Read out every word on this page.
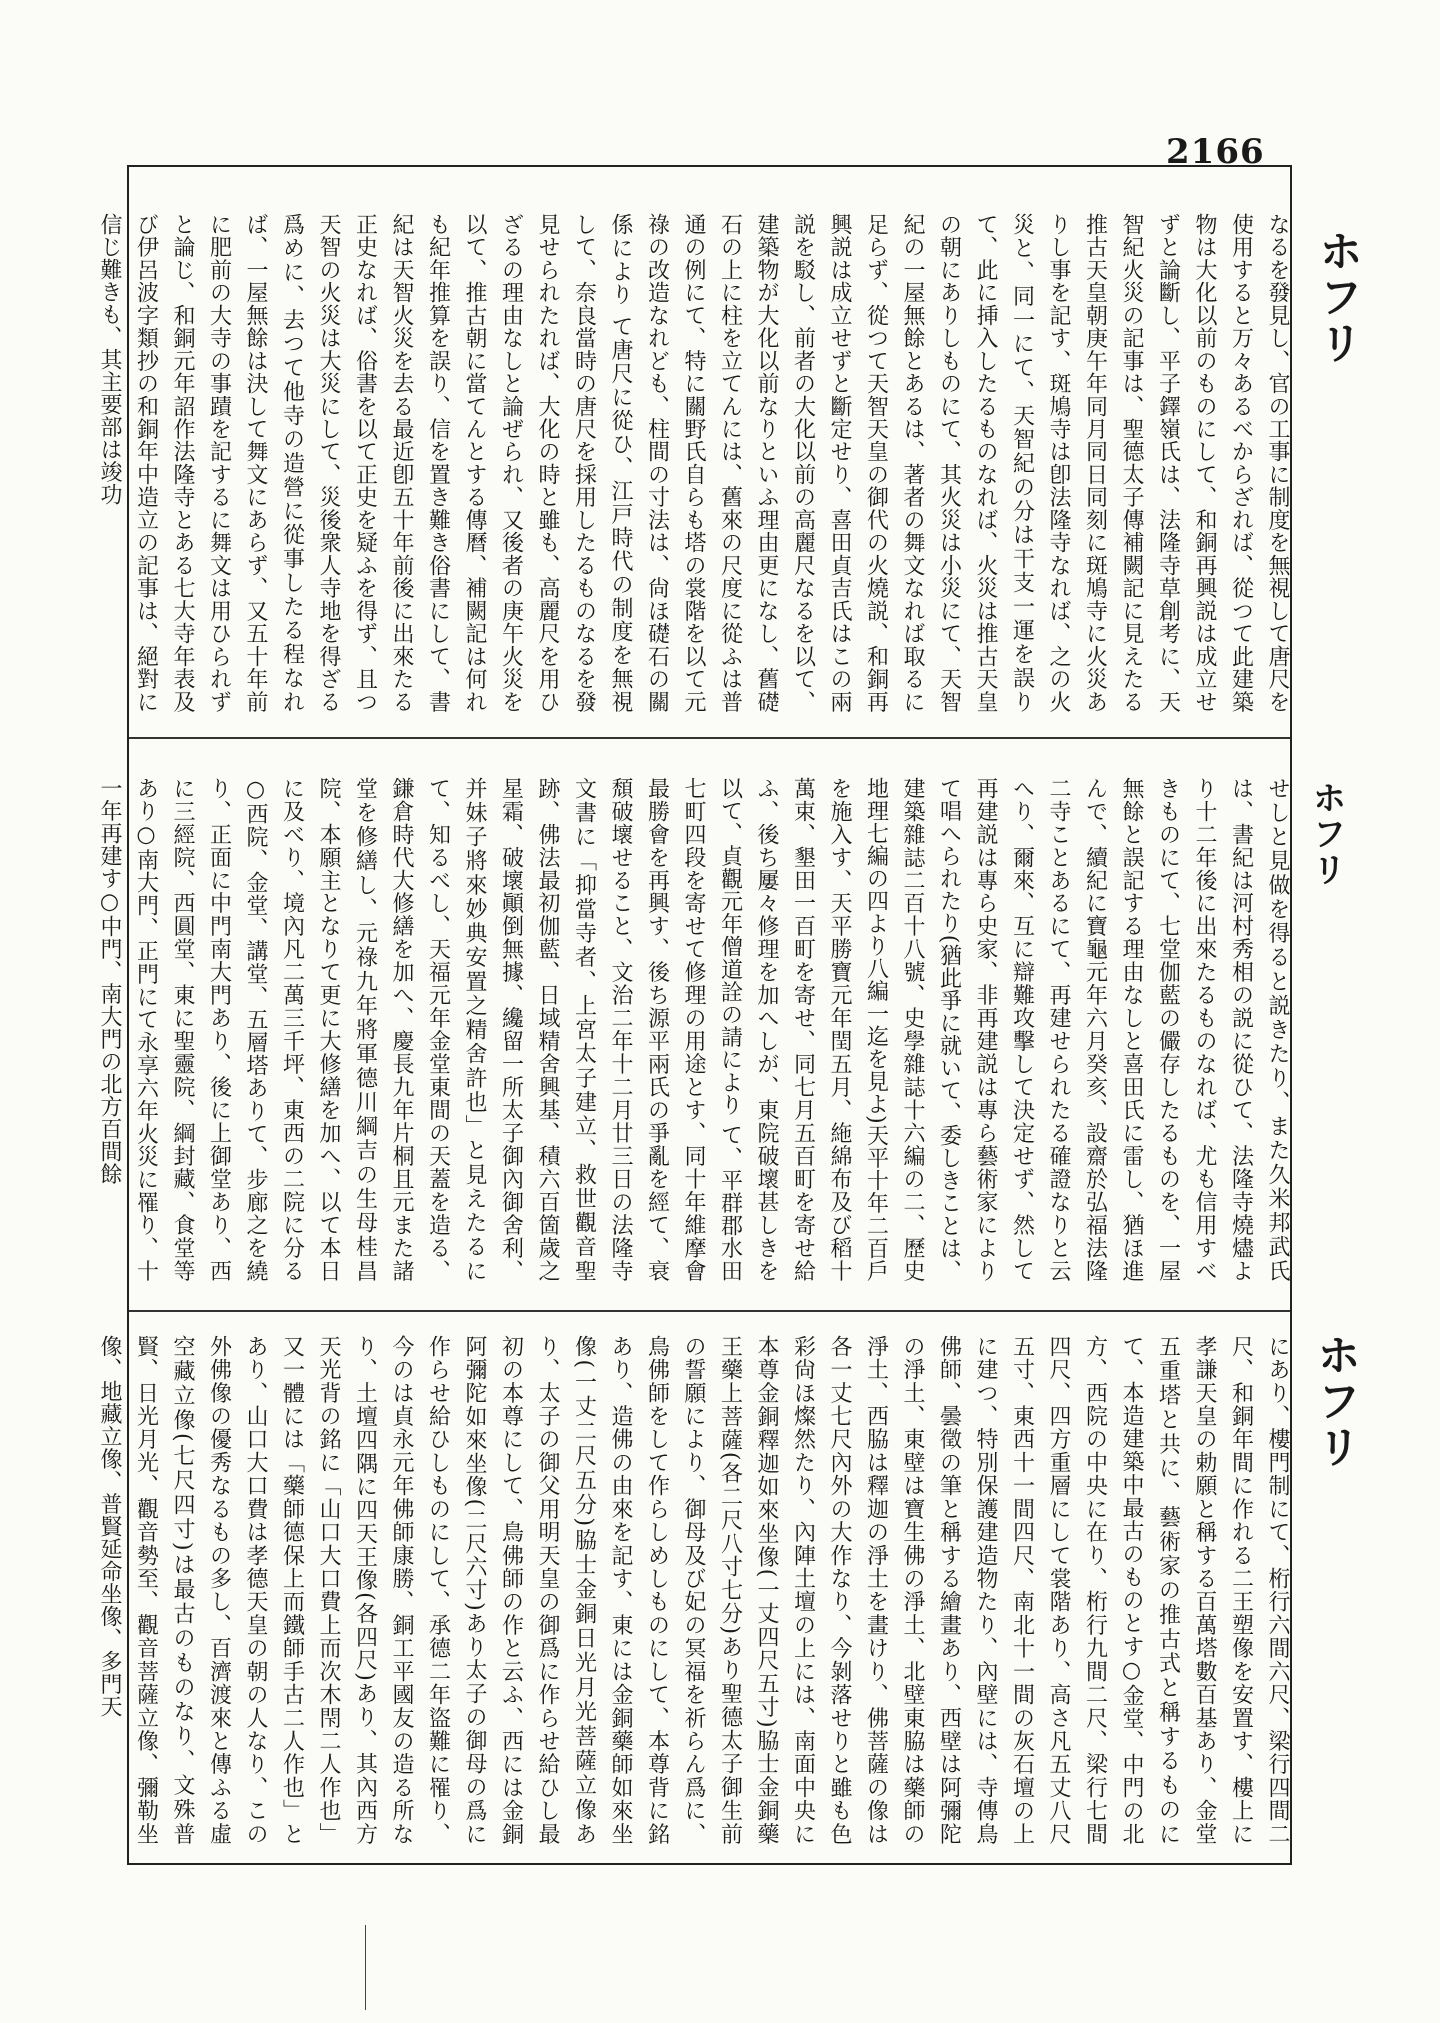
2166

なるを發見し、官の工事に制度を無視して唐尺を使用すると万々あるべからざれば、從つて此建築物は大化以前のものにして、和銅再興説は成立せずと論斷し、平子鐸嶺氏は、法隆寺草創考に、天智紀火災の記事は、聖德太子傳補闕記に見えたる推古天皇朝庚午年同月同日同刻に斑鳩寺に火災ありし事を記す、斑鳩寺は卽法隆寺なれば、之の火災と、同一にて、天智紀の分は干支一運を誤りて、此に挿入したるものなれば、火災は推古天皇の朝にありしものにて、其火災は小災にて、天智紀の一屋無餘とあるは、著者の舞文なれば取るに足らず、從つて天智天皇の御代の火燒説、和銅再興説は成立せずと斷定せり、喜田貞吉氏はこの兩説を駁し、前者の大化以前の高麗尺なるを以て、建築物が大化以前なりといふ理由更になし、舊礎石の上に柱を立てんには、舊來の尺度に從ふは普通の例にて、特に關野氏自らも塔の裳階を以て元祿の改造なれども、柱間の寸法は、尙ほ礎石の關係により て唐尺に從ひ、江戸時代の制度を無視して、奈良當時の唐尺を採用したるものなるを發見せられたれば、大化の時と雖も、高麗尺を用ひざるの理由なしと論ぜられ、又後者の庚午火災を以て、推古朝に當てんとする傳曆、補闕記は何れも紀年推算を誤り、信を置き難き俗書にして、書紀は天智火災を去る最近卽五十年前後に出來たる正史なれば、俗書を以て正史を疑ふを得ず、且つ天智の火災は大災にして、災後衆人寺地を得ざる爲めに、去つて他寺の造營に從事したる程なれば、一屋無餘は決して舞文にあらず、又五十年前に肥前の大寺の事蹟を記するに舞文は用ひられずと論じ、和銅元年詔作法隆寺とある七大寺年表及び伊呂波字類抄の和銅年中造立の記事は、絕對に信じ難きも、其主要部は竣功

せしと見做を得ると説きたり、また久米邦武氏は、書紀は河村秀相の説に從ひて、法隆寺燒燼より十二年後に出來たるものなれば、尤も信用すべきものにて、七堂伽藍の儼存したるものを、一屋無餘と誤記する理由なしと喜田氏に雷し、猶ほ進んで、續紀に寶龜元年六月癸亥、設齋於弘福法隆二寺ことあるにて、再建せられたる確證なりと云へり、爾來、互に辯難攻擊して決定せず、然して再建説は專ら史家、非再建説は專ら藝術家によりて唱へられたり(猶此爭に就いて、委しきことは、建築雜誌二百十八號、史學雜誌十六編の二、歷史地理七編の四より八編一迄を見よ)天平十年二百戶を施入す、天平勝寶元年閏五月、絁綿布及び稻十萬束、墾田一百町を寄せ、同七月五百町を寄せ給ふ、後ち屢々修理を加へしが、東院破壞甚しきを以て、貞觀元年僧道詮の請により て、平群郡水田七町四段を寄せて修理の用途とす、同十年維摩會最勝會を再興す、後ち源平兩氏の爭亂を經て、衰頹破壞せること、文治二年十二月廿三日の法隆寺文書に「抑當寺者、上宮太子建立、救世觀音聖跡、佛法最初伽藍、日域精舍興基、積六百箇歲之星霜、破壞顚倒無據、纔留一所太子御內御舍利、并妹子將來妙典安置之精舍許也」と見えたるにて、知るべし、天福元年金堂東間の天蓋を造る、鎌倉時代大修繕を加へ、慶長九年片桐且元また諸堂を修繕し、元祿九年將軍德川綱吉の生母桂昌院、本願主となりて更に大修繕を加へ、以て本日に及べり、境內凡二萬三千坪、東西の二院に分る○西院、金堂、講堂、五層塔ありて、步廊之を繞り、正面に中門南大門あり、後に上御堂あり、西に三經院、西圓堂、東に聖靈院、綱封藏、食堂等あり○南大門、正門にて永享六年火災に罹り、十一年再建す○中門、南大門の北方百間餘

にあり、樓門制にて、桁行六間六尺、梁行四間二尺、和銅年間に作れる二王塑像を安置す、樓上に孝謙天皇の勅願と稱する百萬塔數百基あり、金堂五重塔と共に、藝術家の推古式と稱するものにて、本造建築中最古のものとす○金堂、中門の北方、西院の中央に在り、桁行九間二尺、梁行七間四尺、四方重層にして裳階あり、高さ凡五丈八尺五寸、東西十一間四尺、南北十一間の灰石壇の上に建つ、特別保護建造物たり、內壁には、寺傳鳥佛師、曇徵の筆と稱する繪畫あり、西壁は阿彌陀の淨土、東壁は寶生佛の淨土、北壁東脇は藥師の淨土、西脇は釋迦の淨土を畫けり、佛菩薩の像は各一丈七尺內外の大作なり、今剝落せりと雖も色彩尙ほ燦然たり、內陣土壇の上には、南面中央に本尊金銅釋迦如來坐像(一丈四尺五寸)脇士金銅藥王藥上菩薩(各二尺八寸七分)あり聖德太子御生前の誓願により、御母及び妃の冥福を祈らん爲に、鳥佛師をして作らしめしものにして、本尊背に銘あり、造佛の由來を記す、東には金銅藥師如來坐像(一丈二尺五分)脇士金銅日光月光菩薩立像あり、太子の御父用明天皇の御爲に作らせ給ひし最初の本尊にして、鳥佛師の作と云ふ、西には金銅阿彌陀如來坐像(二尺六寸)あり太子の御母の爲に作らせ給ひしものにして、承德二年盜難に罹り、今のは貞永元年佛師康勝、銅工平國友の造る所なり、土壇四隅に四天王像(各四尺)あり、其內西方天光背の銘に「山口大口費上而次木閇二人作也」又一體には「藥師德保上而鐵師手古二人作也」とあり、山口大口費は孝德天皇の朝の人なり、この外佛像の優秀なるもの多し、百濟渡來と傳ふる虛空藏立像(七尺四寸)は最古のものなり、文殊普賢、日光月光、觀音勢至、觀音菩薩立像、彌勒坐像、地藏立像、普賢延命坐像、多門天

ホフリ
ホフリ
ホフリ
